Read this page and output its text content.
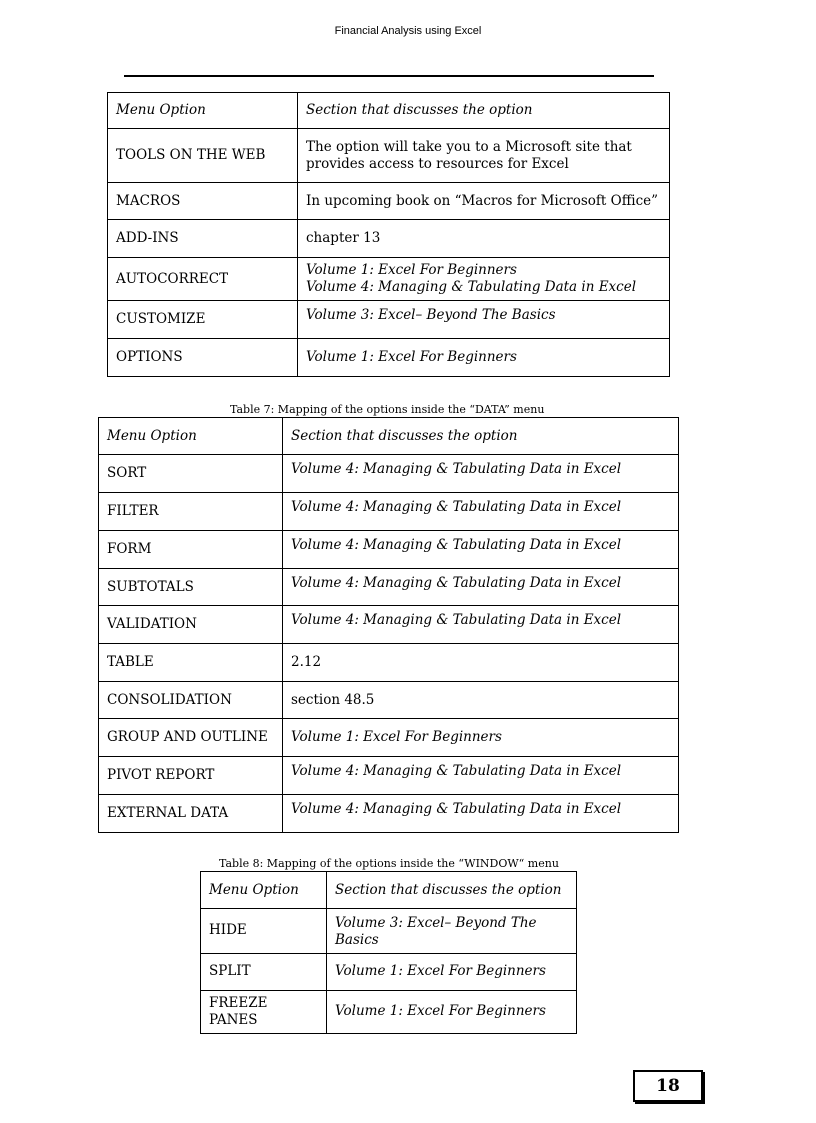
Financial Analysis using Excel
Menu Option	Section that discusses the option
TOOLS ON THE WEB	The option will take you to a Microsoft site that provides access to resources for Excel
MACROS	In upcoming book on “Macros for Microsoft Office”
ADD-INS	chapter 13
AUTOCORRECT	Volume 1: Excel For Beginners
Volume 4: Managing & Tabulating Data in Excel

CUSTOMIZE	Volume 3: Excel– Beyond The Basics
OPTIONS	Volume 1: Excel For Beginners
Table 7: Mapping of the options inside the “DATA” menu
Menu Option	Section that discusses the option
SORT	Volume 4: Managing & Tabulating Data in Excel
FILTER	Volume 4: Managing & Tabulating Data in Excel
FORM	Volume 4: Managing & Tabulating Data in Excel
SUBTOTALS	Volume 4: Managing & Tabulating Data in Excel
VALIDATION	Volume 4: Managing & Tabulating Data in Excel
TABLE	2.12
CONSOLIDATION	section 48.5
GROUP AND OUTLINE	Volume 1: Excel For Beginners
PIVOT REPORT	Volume 4: Managing & Tabulating Data in Excel
EXTERNAL DATA	Volume 4: Managing & Tabulating Data in Excel
Table 8: Mapping of the options inside the “WINDOW“ menu
Menu Option	Section that discusses the option
HIDE	Volume 3: Excel– Beyond The Basics
SPLIT	Volume 1: Excel For Beginners
FREEZE PANES	Volume 1: Excel For Beginners
18
